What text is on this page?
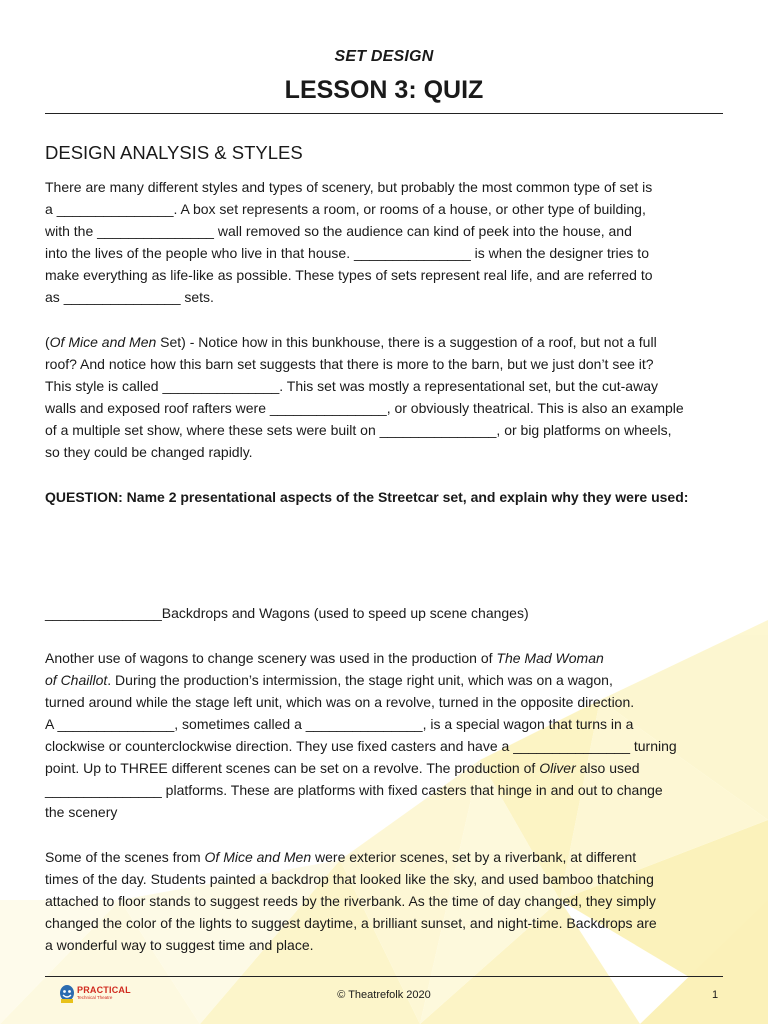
SET DESIGN
LESSON 3: QUIZ
DESIGN ANALYSIS & STYLES
There are many different styles and types of scenery, but probably the most common type of set is
a _______________. A box set represents a room, or rooms of a house, or other type of building,
with the _______________ wall removed so the audience can kind of peek into the house, and
into the lives of the people who live in that house. _______________ is when the designer tries to
make everything as life-like as possible. These types of sets represent real life, and are referred to
as _______________ sets.
(Of Mice and Men Set) - Notice how in this bunkhouse, there is a suggestion of a roof, but not a full
roof? And notice how this barn set suggests that there is more to the barn, but we just don’t see it?
This style is called _______________. This set was mostly a representational set, but the cut-away
walls and exposed roof rafters were _______________, or obviously theatrical. This is also an example
of a multiple set show, where these sets were built on _______________, or big platforms on wheels,
so they could be changed rapidly.
QUESTION: Name 2 presentational aspects of the Streetcar set, and explain why they were used:
_______________Backdrops and Wagons (used to speed up scene changes)
Another use of wagons to change scenery was used in the production of The Mad Woman
of Chaillot. During the production’s intermission, the stage right unit, which was on a wagon,
turned around while the stage left unit, which was on a revolve, turned in the opposite direction.
A _______________, sometimes called a _______________, is a special wagon that turns in a
clockwise or counterclockwise direction. They use fixed casters and have a _______________ turning
point. Up to THREE different scenes can be set on a revolve. The production of Oliver also used
_______________ platforms. These are platforms with fixed casters that hinge in and out to change
the scenery
Some of the scenes from Of Mice and Men were exterior scenes, set by a riverbank, at different
times of the day. Students painted a backdrop that looked like the sky, and used bamboo thatching
attached to floor stands to suggest reeds by the riverbank. As the time of day changed, they simply
changed the color of the lights to suggest daytime, a brilliant sunset, and night-time. Backdrops are
a wonderful way to suggest time and place.
PRACTICAL
Technical Theatre	© Theatrefolk 2020	1
